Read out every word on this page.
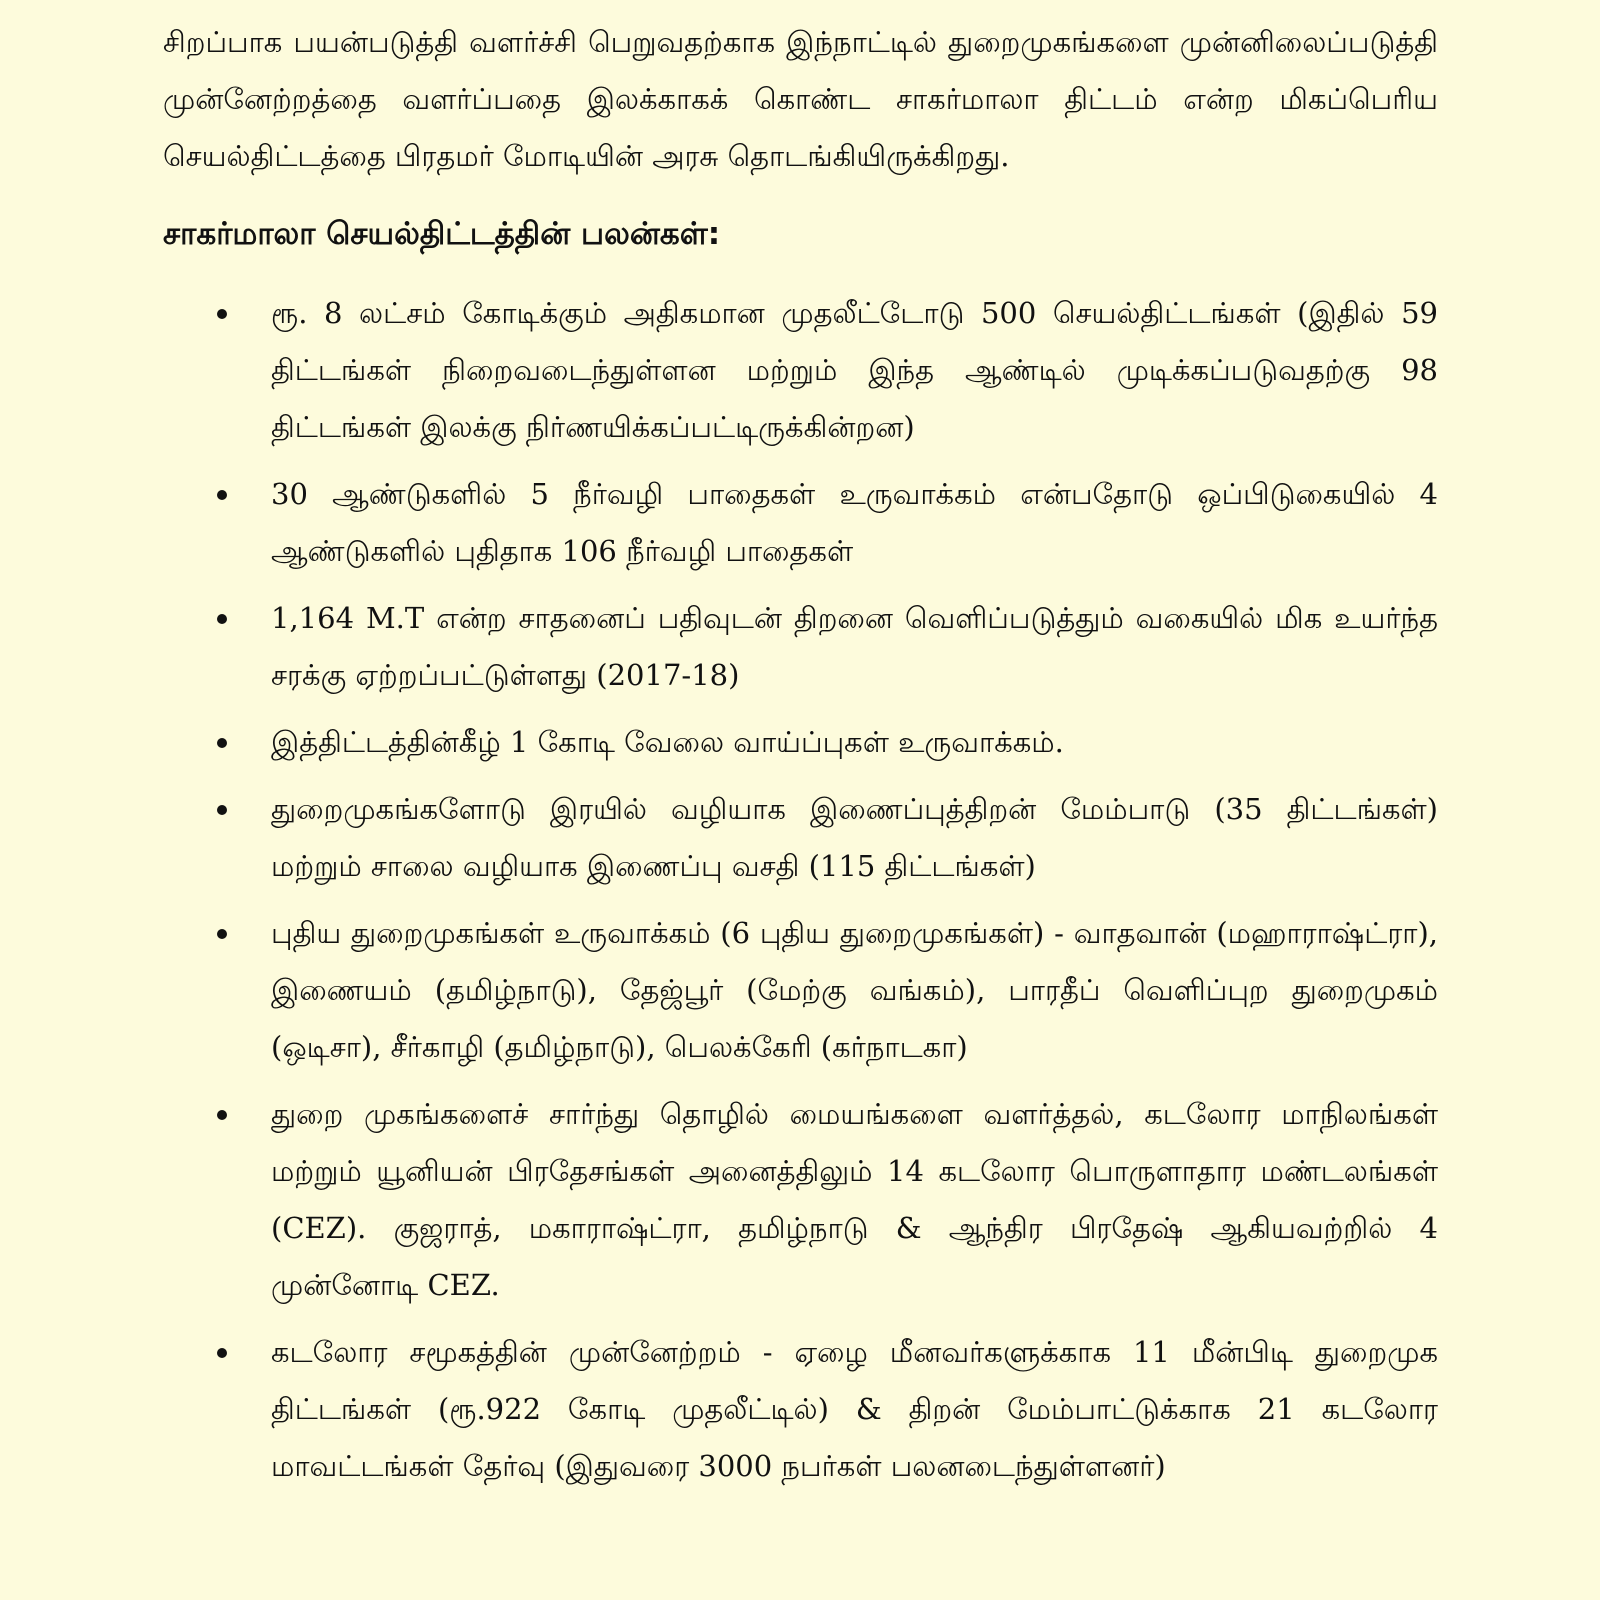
சிறப்பாக பயன்படுத்தி வளர்ச்சி பெறுவதற்காக இந்நாட்டில் துறைமுகங்களை முன்னிலைப்படுத்தி முன்னேற்றத்தை வளர்ப்பதை இலக்காகக் கொண்ட சாகர்மாலா திட்டம் என்ற மிகப்பெரிய செயல்திட்டத்தை பிரதமர் மோடியின் அரசு தொடங்கியிருக்கிறது.

சாகர்மாலா செயல்திட்டத்தின் பலன்கள்:
ரூ. 8 லட்சம் கோடிக்கும் அதிகமான முதலீட்டோடு 500 செயல்திட்டங்கள் (இதில் 59 திட்டங்கள் நிறைவடைந்துள்ளன மற்றும் இந்த ஆண்டில் முடிக்கப்படுவதற்கு 98 திட்டங்கள் இலக்கு நிர்ணயிக்கப்பட்டிருக்கின்றன)
30 ஆண்டுகளில் 5 நீர்வழி பாதைகள் உருவாக்கம் என்பதோடு ஒப்பிடுகையில் 4 ஆண்டுகளில் புதிதாக 106 நீர்வழி பாதைகள்
1,164 M.T என்ற சாதனைப் பதிவுடன் திறனை வெளிப்படுத்தும் வகையில் மிக உயர்ந்த சரக்கு ஏற்றப்பட்டுள்ளது (2017-18)
இத்திட்டத்தின்கீழ் 1 கோடி வேலை வாய்ப்புகள் உருவாக்கம்.
துறைமுகங்களோடு இரயில் வழியாக இணைப்புத்திறன் மேம்பாடு (35 திட்டங்கள்) மற்றும் சாலை வழியாக இணைப்பு வசதி (115 திட்டங்கள்)
புதிய துறைமுகங்கள் உருவாக்கம் (6 புதிய துறைமுகங்கள்) - வாதவான் (மஹாராஷ்ட்ரா), இணையம் (தமிழ்நாடு), தேஜ்பூர் (மேற்கு வங்கம்), பாரதீப் வெளிப்புற துறைமுகம் (ஒடிசா), சீர்காழி (தமிழ்நாடு), பெலக்கேரி (கர்நாடகா)
துறை முகங்களைச் சார்ந்து தொழில் மையங்களை வளர்த்தல், கடலோர மாநிலங்கள் மற்றும் யூனியன் பிரதேசங்கள் அனைத்திலும் 14 கடலோர பொருளாதார மண்டலங்கள் (CEZ). குஜராத், மகாராஷ்ட்ரா, தமிழ்நாடு & ஆந்திர பிரதேஷ் ஆகியவற்றில் 4 முன்னோடி CEZ.
கடலோர சமூகத்தின் முன்னேற்றம் - ஏழை மீனவர்களுக்காக 11 மீன்பிடி துறைமுக திட்டங்கள் (ரூ.922 கோடி முதலீட்டில்) & திறன் மேம்பாட்டுக்காக 21 கடலோர மாவட்டங்கள் தேர்வு (இதுவரை 3000 நபர்கள் பலனடைந்துள்ளனர்)
